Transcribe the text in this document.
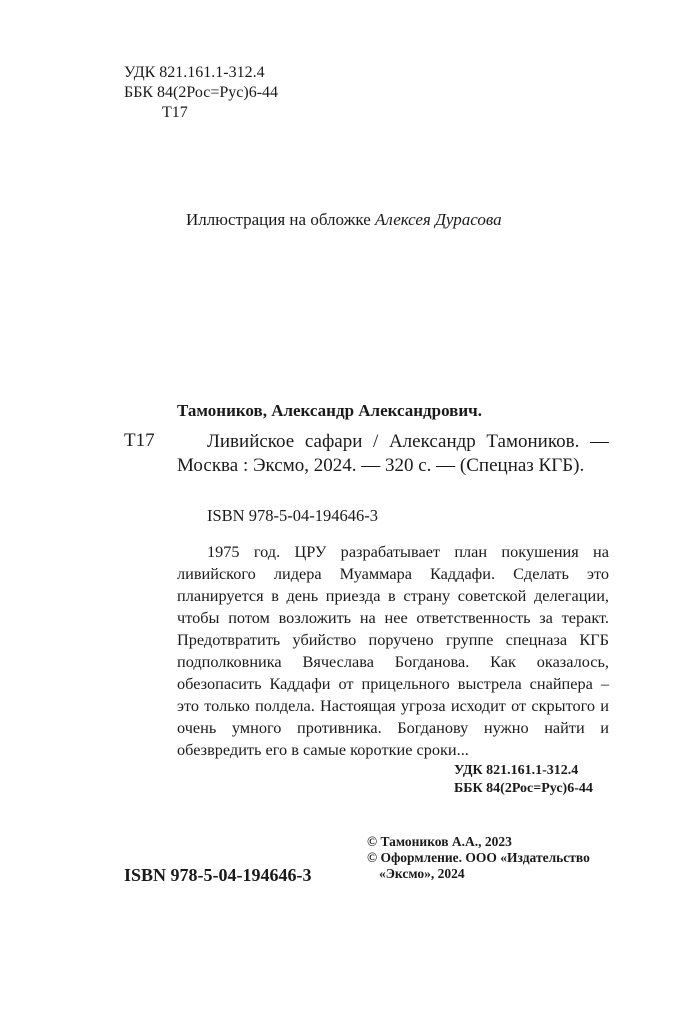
УДК 821.161.1-312.4
ББК 84(2Рос=Рус)6-44
Т17
Иллюстрация на обложке Алексея Дурасова
Тамоников, Александр Александрович.
Т17	Ливийское сафари / Александр Тамоников. — Москва : Эксмо, 2024. — 320 с. — (Спецназ КГБ).
ISBN 978-5-04-194646-3
1975 год. ЦРУ разрабатывает план покушения на ливийского лидера Муаммара Каддафи. Сделать это планируется в день приезда в страну советской делегации, чтобы потом возложить на нее ответственность за теракт. Предотвратить убийство поручено группе спецназа КГБ подполковника Вячеслава Богданова. Как оказалось, обезопасить Каддафи от прицельного выстрела снайпера – это только полдела. Настоящая угроза исходит от скрытого и очень умного противника. Богданову нужно найти и обезвредить его в самые короткие сроки...
УДК 821.161.1-312.4
ББК 84(2Рос=Рус)6-44
© Тамоников А.А., 2023
© Оформление. ООО «Издательство
«Эксмо», 2024
ISBN 978-5-04-194646-3
